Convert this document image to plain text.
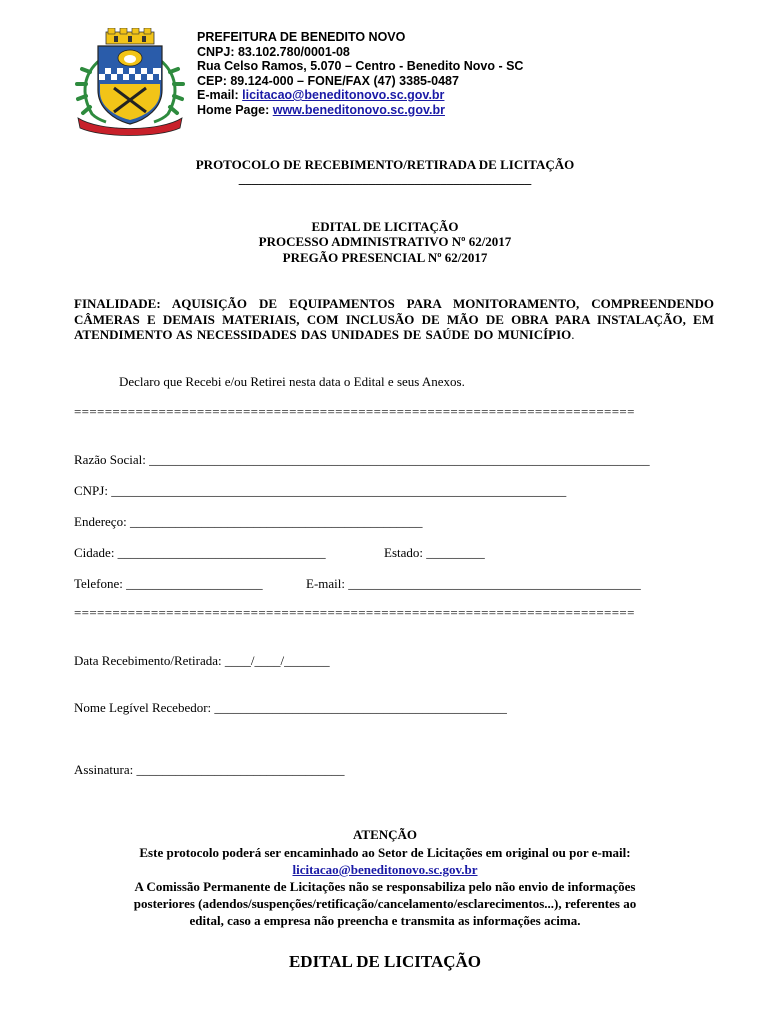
PREFEITURA DE BENEDITO NOVO
CNPJ: 83.102.780/0001-08
Rua Celso Ramos, 5.070 – Centro - Benedito Novo - SC
CEP: 89.124-000 – FONE/FAX (47) 3385-0487
E-mail: licitacao@beneditonovo.sc.gov.br
Home Page: www.beneditonovo.sc.gov.br
PROTOCOLO DE RECEBIMENTO/RETIRADA DE LICITAÇÃO
_____________________________________________
EDITAL DE LICITAÇÃO
PROCESSO ADMINISTRATIVO Nº 62/2017
PREGÃO PRESENCIAL Nº 62/2017
FINALIDADE: AQUISIÇÃO DE EQUIPAMENTOS PARA MONITORAMENTO, COMPREENDENDO CÂMERAS E DEMAIS MATERIAIS, COM INCLUSÃO DE MÃO DE OBRA PARA INSTALAÇÃO, EM ATENDIMENTO AS NECESSIDADES DAS UNIDADES DE SAÚDE DO MUNICÍPIO.
Declaro que Recebi e/ou Retirei nesta data o Edital e seus Anexos.
=========================================================================
Razão Social: _____________________________________________________________________________
CNPJ: ______________________________________________________________________
Endereço: _____________________________________________
Cidade: ________________________________	Estado: _________
Telefone: _____________________	E-mail: _____________________________________________
=========================================================================
Data Recebimento/Retirada: ____/____/_______
Nome Legível Recebedor: _____________________________________________
Assinatura: ________________________________
ATENÇÃO
Este protocolo poderá ser encaminhado ao Setor de Licitações em original ou por e-mail:
licitacao@beneditonovo.sc.gov.br
A Comissão Permanente de Licitações não se responsabiliza pelo não envio de informações
posteriores (adendos/suspenções/retificação/cancelamento/esclarecimentos...), referentes ao
edital, caso a empresa não preencha e transmita as informações acima.
EDITAL DE LICITAÇÃO
